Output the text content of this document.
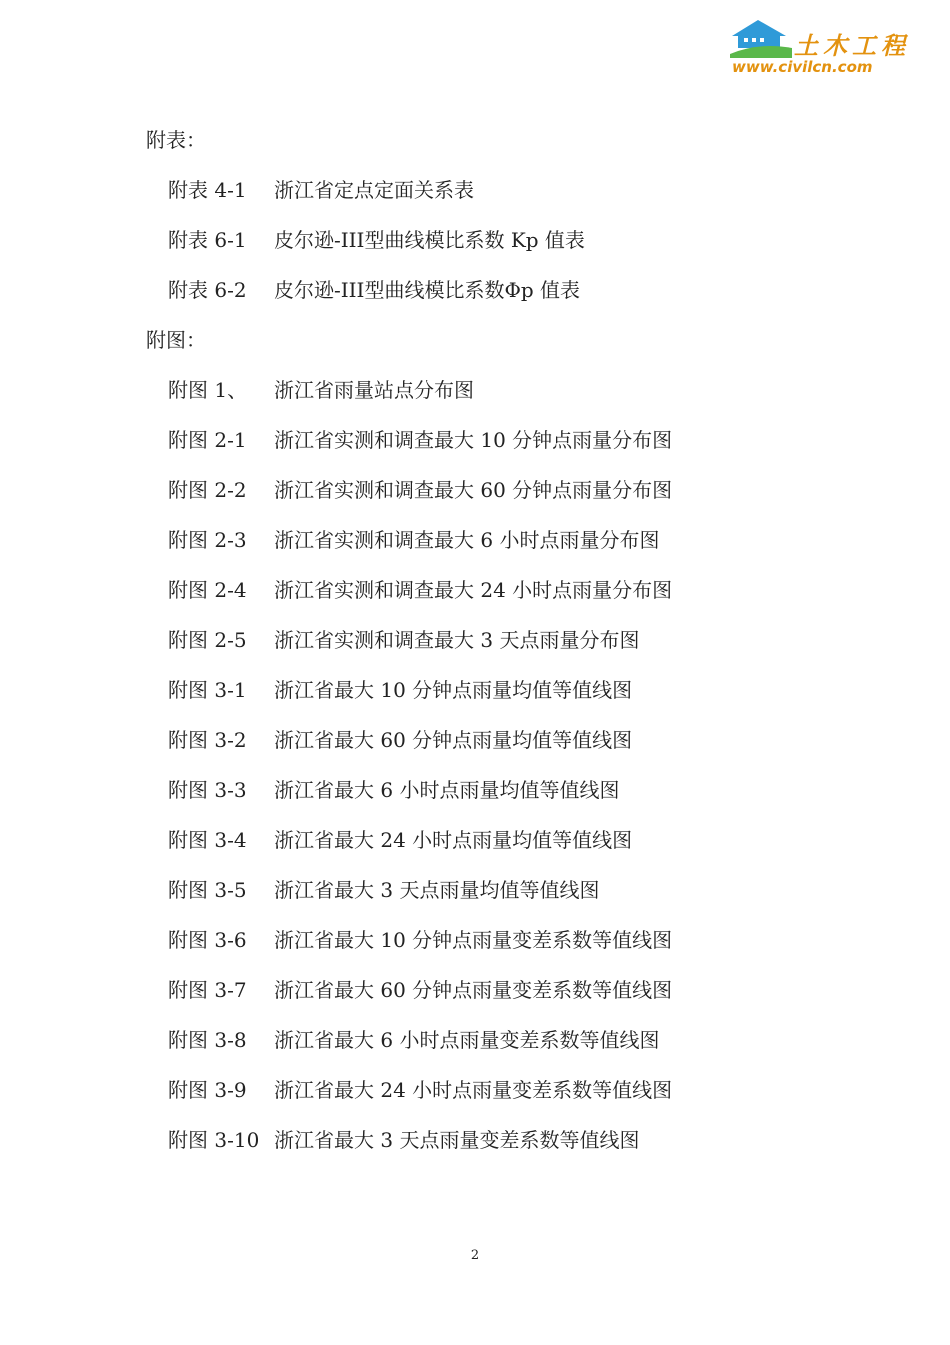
土木工程
www.civilcn.com
附表：
附表 4-1 浙江省定点定面关系表
附表 6-1 皮尔逊-III型曲线模比系数 Kp 值表
附表 6-2 皮尔逊-III型曲线模比系数Φp 值表
附图：
附图 1、 浙江省雨量站点分布图
附图 2-1 浙江省实测和调查最大 10 分钟点雨量分布图
附图 2-2 浙江省实测和调查最大 60 分钟点雨量分布图
附图 2-3 浙江省实测和调查最大 6 小时点雨量分布图
附图 2-4 浙江省实测和调查最大 24 小时点雨量分布图
附图 2-5 浙江省实测和调查最大 3 天点雨量分布图
附图 3-1 浙江省最大 10 分钟点雨量均值等值线图
附图 3-2 浙江省最大 60 分钟点雨量均值等值线图
附图 3-3 浙江省最大 6 小时点雨量均值等值线图
附图 3-4 浙江省最大 24 小时点雨量均值等值线图
附图 3-5 浙江省最大 3 天点雨量均值等值线图
附图 3-6 浙江省最大 10 分钟点雨量变差系数等值线图
附图 3-7 浙江省最大 60 分钟点雨量变差系数等值线图
附图 3-8 浙江省最大 6 小时点雨量变差系数等值线图
附图 3-9 浙江省最大 24 小时点雨量变差系数等值线图
附图 3-10 浙江省最大 3 天点雨量变差系数等值线图
2
